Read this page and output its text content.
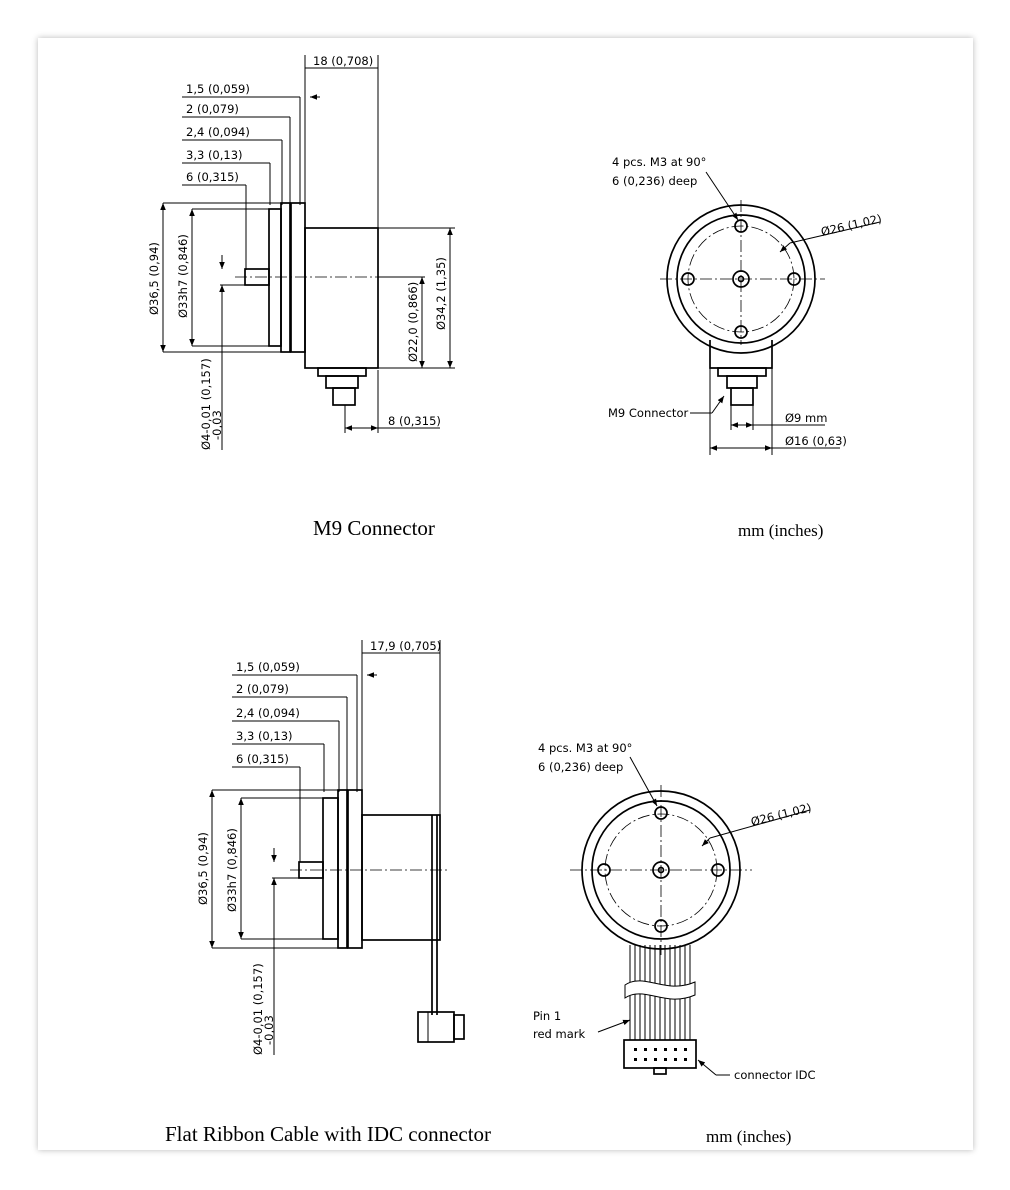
18 (0,708)
1,5 (0,059)
2 (0,079)
2,4 (0,094)
3,3 (0,13)
6 (0,315)
8 (0,315)
Ø36,5 (0,94) Ø33h7 (0,846)
Ø4-0,01 (0,157)
-0,03
Ø34,2 (1,35)
Ø22,0 (0,866)
4 pcs. M3 at 90°
6 (0,236) deep
Ø26 (1,02)
M9 Connector	Ø9 mm
Ø16 (0,63)
M9 Connector	mm (inches)
17,9 (0,705)
1,5 (0,059)
2 (0,079)
2,4 (0,094)
3,3 (0,13)
6 (0,315)
Ø36,5 (0,94) Ø33h7 (0,846)
Ø4-0,01 (0,157)
-0,03
4 pcs. M3 at 90°
6 (0,236) deep
Ø26 (1,02)
Pin 1
red mark
connector IDC
Flat Ribbon Cable with IDC connector	mm (inches)
